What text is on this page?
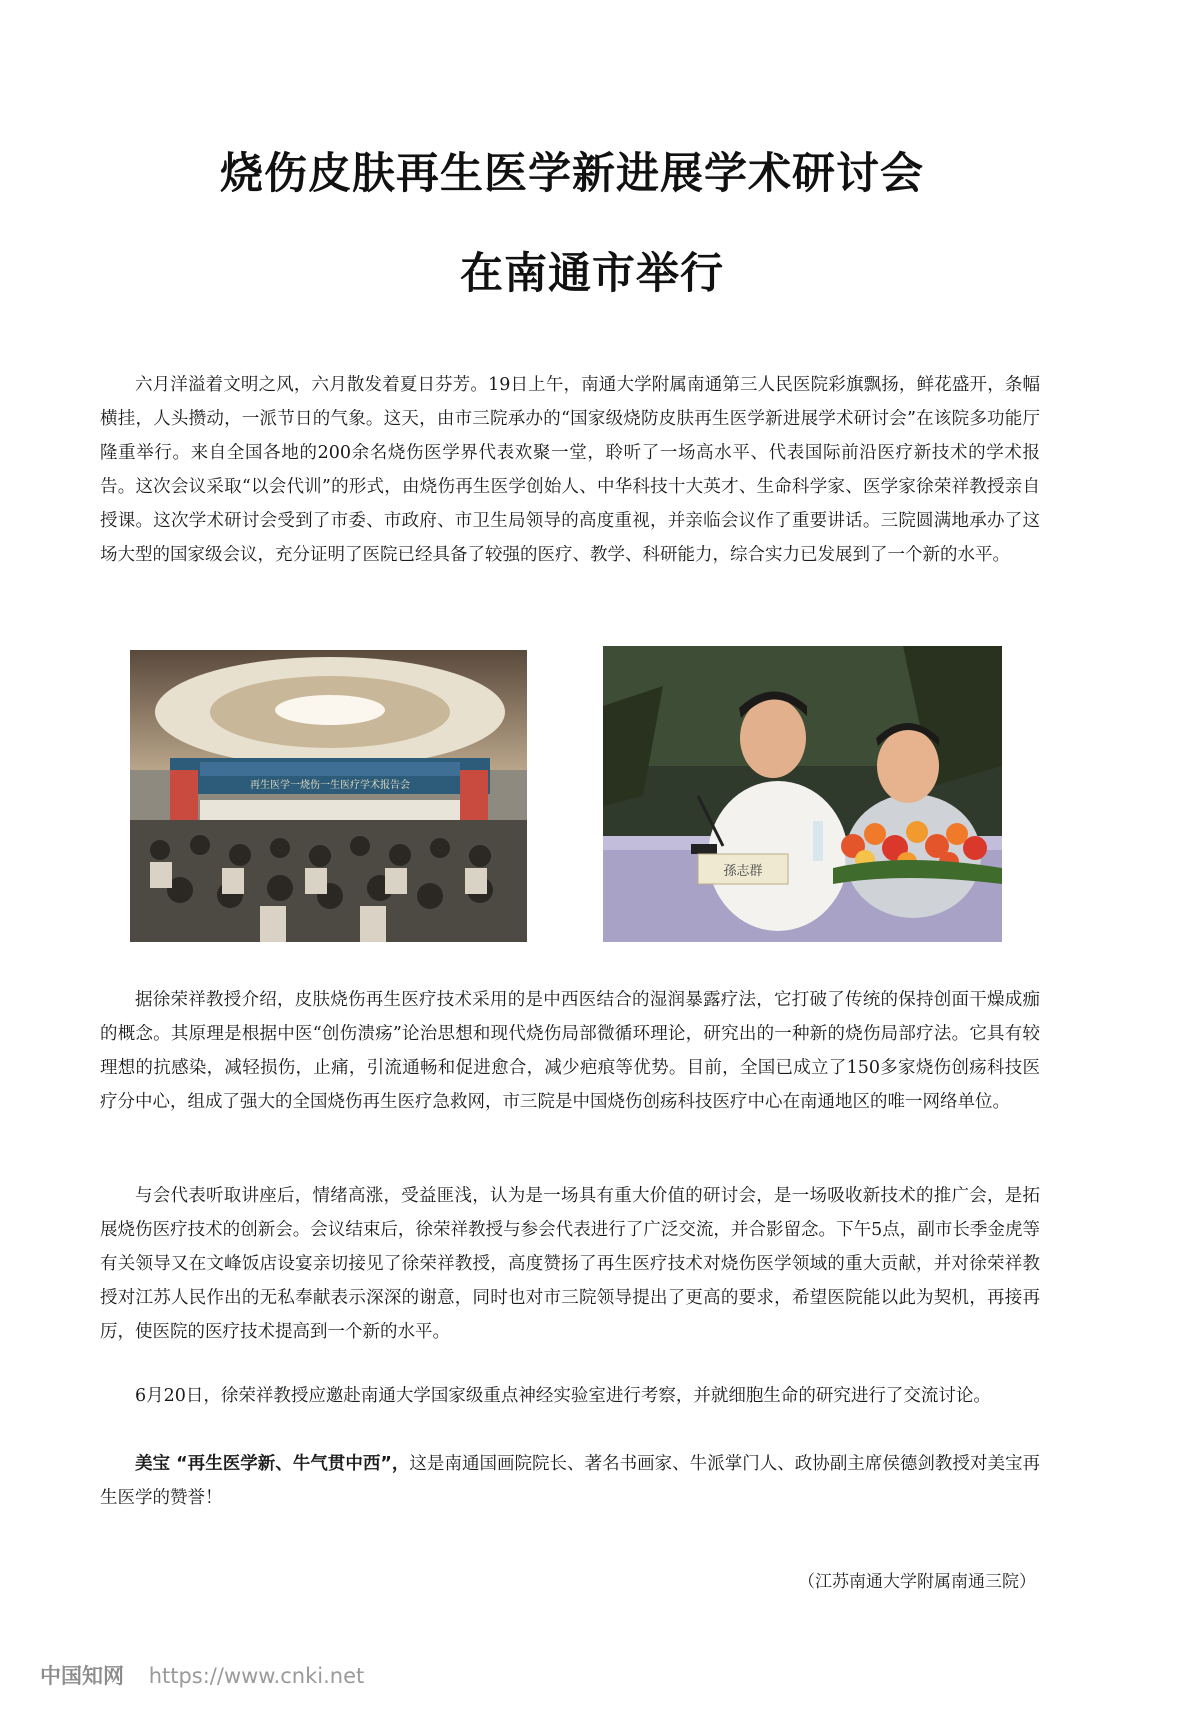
烧伤皮肤再生医学新进展学术研讨会
在南通市举行

六月洋溢着文明之风，六月散发着夏日芬芳。19日上午，南通大学附属南通第三人民医院彩旗飘扬，鲜花盛开，条幅横挂，人头攒动，一派节日的气象。这天，由市三院承办的“国家级烧防皮肤再生医学新进展学术研讨会”在该院多功能厅隆重举行。来自全国各地的200余名烧伤医学界代表欢聚一堂，聆听了一场高水平、代表国际前沿医疗新技术的学术报告。这次会议采取“以会代训”的形式，由烧伤再生医学创始人、中华科技十大英才、生命科学家、医学家徐荣祥教授亲自授课。这次学术研讨会受到了市委、市政府、市卫生局领导的高度重视，并亲临会议作了重要讲话。三院圆满地承办了这场大型的国家级会议，充分证明了医院已经具备了较强的医疗、教学、科研能力，综合实力已发展到了一个新的水平。

再生医学一烧伤一生医疗学术报告会
孫志群

据徐荣祥教授介绍，皮肤烧伤再生医疗技术采用的是中西医结合的湿润暴露疗法，它打破了传统的保持创面干燥成痂的概念。其原理是根据中医“创伤溃疡”论治思想和现代烧伤局部微循环理论，研究出的一种新的烧伤局部疗法。它具有较理想的抗感染，减轻损伤，止痛，引流通畅和促进愈合，减少疤痕等优势。目前，全国已成立了150多家烧伤创疡科技医疗分中心，组成了强大的全国烧伤再生医疗急救网，市三院是中国烧伤创疡科技医疗中心在南通地区的唯一网络单位。

与会代表听取讲座后，情绪高涨，受益匪浅，认为是一场具有重大价值的研讨会，是一场吸收新技术的推广会，是拓展烧伤医疗技术的创新会。会议结束后，徐荣祥教授与参会代表进行了广泛交流，并合影留念。下午5点，副市长季金虎等有关领导又在文峰饭店设宴亲切接见了徐荣祥教授，高度赞扬了再生医疗技术对烧伤医学领域的重大贡献，并对徐荣祥教授对江苏人民作出的无私奉献表示深深的谢意，同时也对市三院领导提出了更高的要求，希望医院能以此为契机，再接再厉，使医院的医疗技术提高到一个新的水平。

6月20日，徐荣祥教授应邀赴南通大学国家级重点神经实验室进行考察，并就细胞生命的研究进行了交流讨论。

美宝 “再生医学新、牛气贯中西”，这是南通国画院院长、著名书画家、牛派掌门人、政协副主席侯德剑教授对美宝再生医学的赞誉！

（江苏南通大学附属南通三院）
中国知网 https://www.cnki.net
